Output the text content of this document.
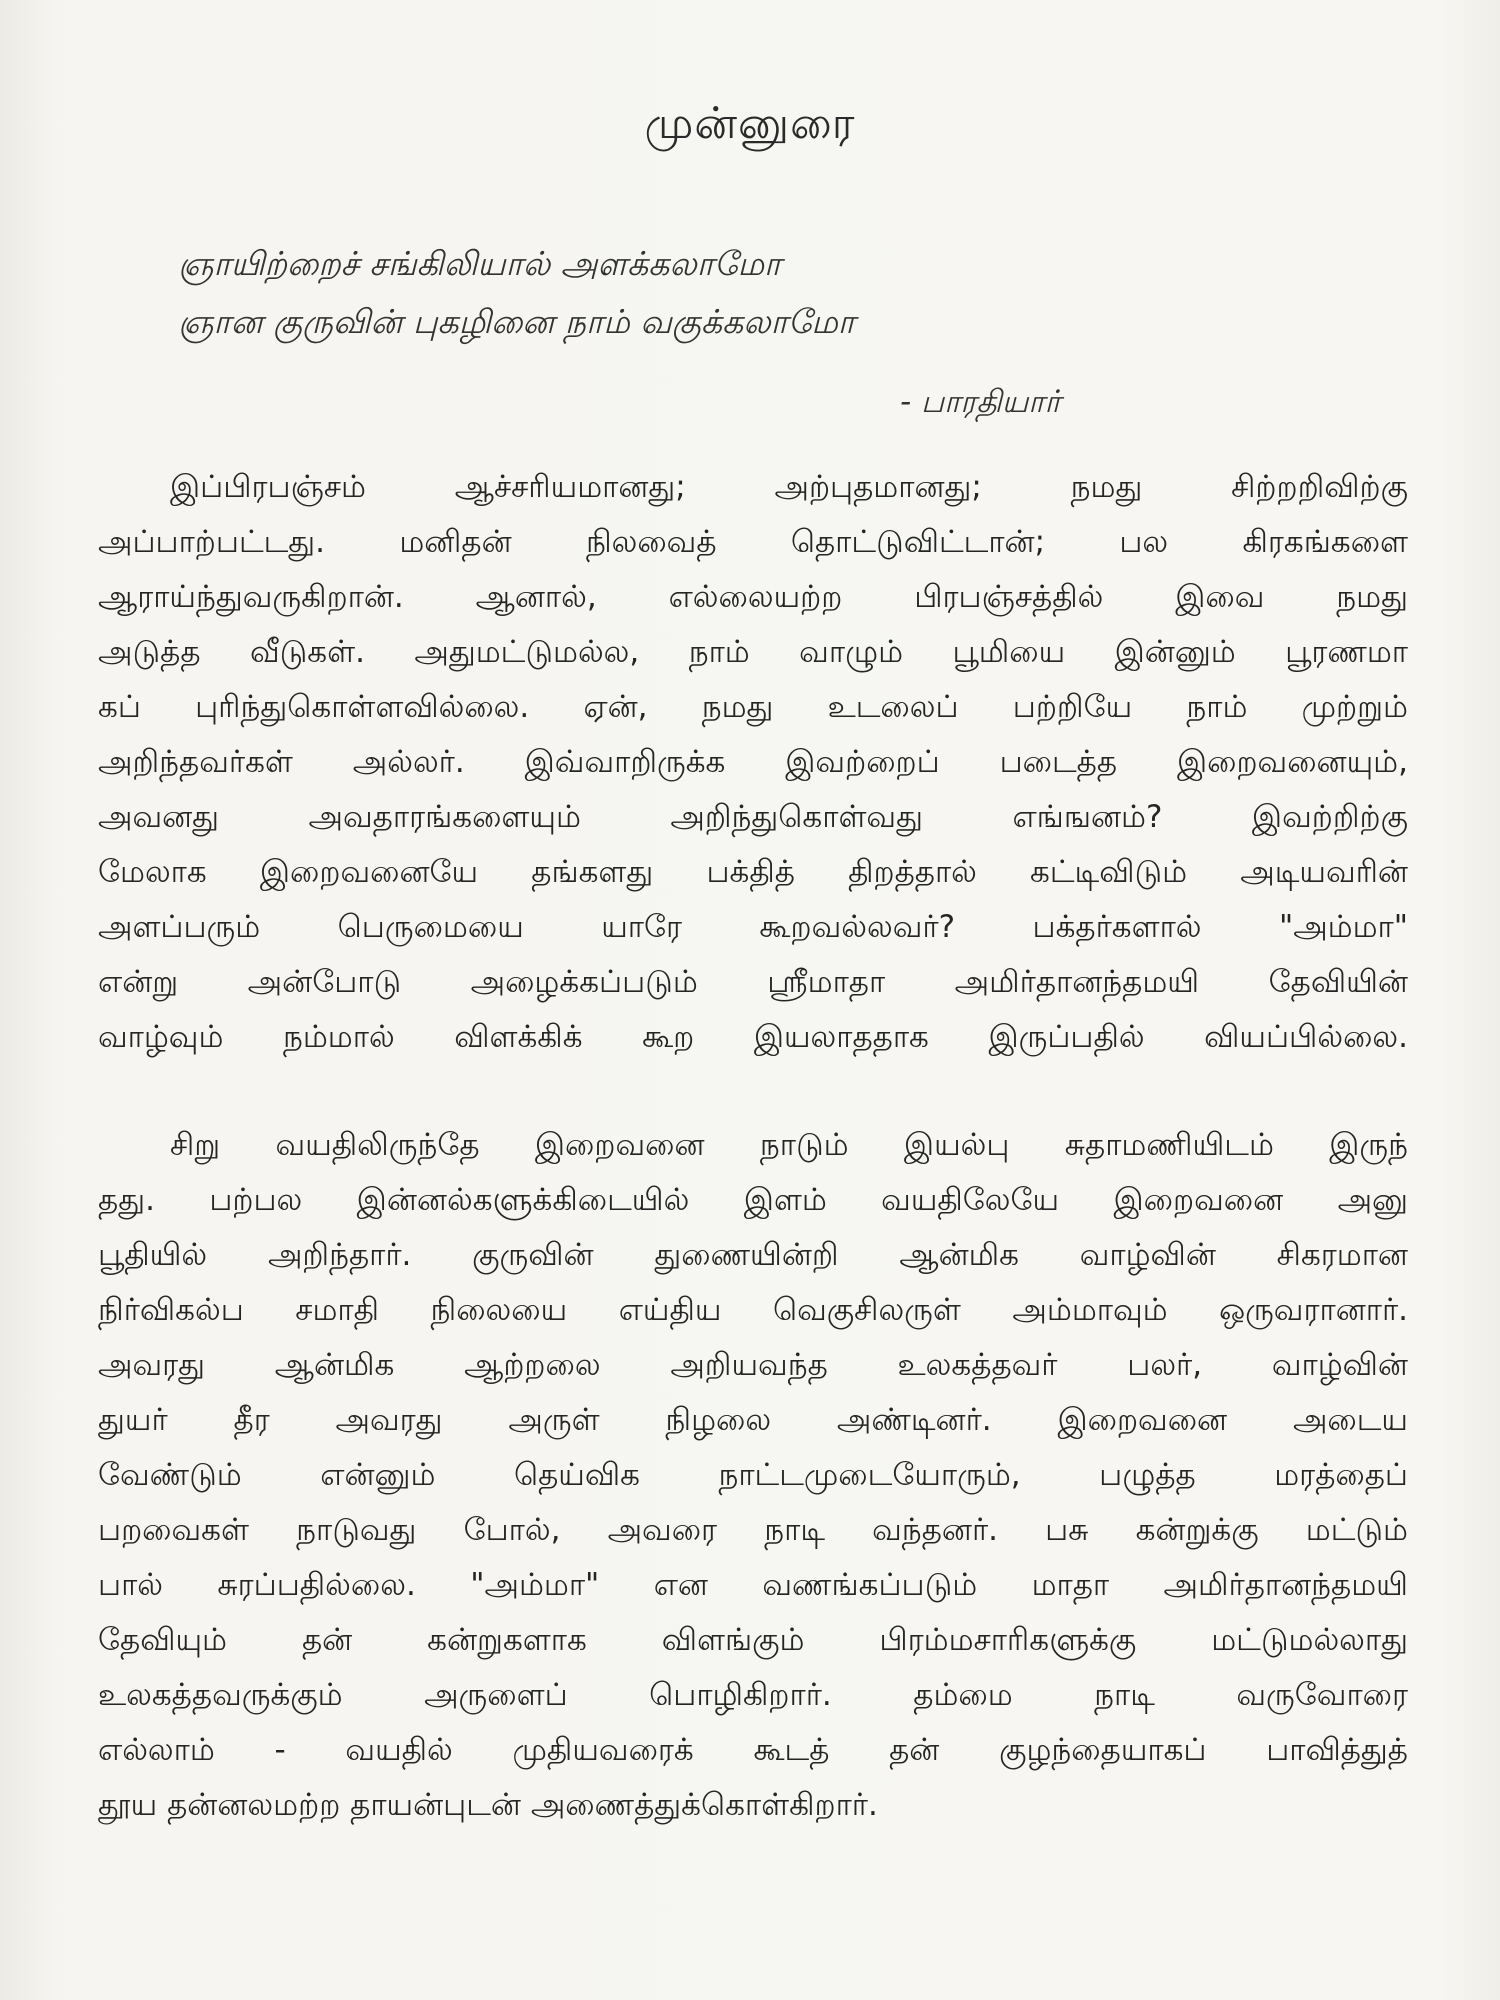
முன்னுரை
ஞாயிற்றைச் சங்கிலியால் அளக்கலாமோ
ஞான குருவின் புகழினை நாம் வகுக்கலாமோ
- பாரதியார்
இப்பிரபஞ்சம் ஆச்சரியமானது; அற்புதமானது; நமது சிற்றறிவிற்கு
அப்பாற்பட்டது. மனிதன் நிலவைத் தொட்டுவிட்டான்; பல கிரகங்களை
ஆராய்ந்துவருகிறான். ஆனால், எல்லையற்ற பிரபஞ்சத்தில் இவை நமது
அடுத்த வீடுகள். அதுமட்டுமல்ல, நாம் வாழும் பூமியை இன்னும் பூரணமா
கப் புரிந்துகொள்ளவில்லை. ஏன், நமது உடலைப் பற்றியே நாம் முற்றும்
அறிந்தவர்கள் அல்லர். இவ்வாறிருக்க இவற்றைப் படைத்த இறைவனையும்,
அவனது அவதாரங்களையும் அறிந்துகொள்வது எங்ஙனம்? இவற்றிற்கு
மேலாக இறைவனையே தங்களது பக்தித் திறத்தால் கட்டிவிடும் அடியவரின்
அளப்பரும் பெருமையை யாரே கூறவல்லவர்? பக்தர்களால் "அம்மா"
என்று அன்போடு அழைக்கப்படும் ஸ்ரீமாதா அமிர்தானந்தமயி தேவியின்
வாழ்வும் நம்மால் விளக்கிக் கூற இயலாததாக இருப்பதில் வியப்பில்லை.
சிறு வயதிலிருந்தே இறைவனை நாடும் இயல்பு சுதாமணியிடம் இருந்
தது. பற்பல இன்னல்களுக்கிடையில் இளம் வயதிலேயே இறைவனை அனு
பூதியில் அறிந்தார். குருவின் துணையின்றி ஆன்மிக வாழ்வின் சிகரமான
நிர்விகல்ப சமாதி நிலையை எய்திய வெகுசிலருள் அம்மாவும் ஒருவரானார்.
அவரது ஆன்மிக ஆற்றலை அறியவந்த உலகத்தவர் பலர், வாழ்வின்
துயர் தீர அவரது அருள் நிழலை அண்டினர். இறைவனை அடைய
வேண்டும் என்னும் தெய்விக நாட்டமுடையோரும், பழுத்த மரத்தைப்
பறவைகள் நாடுவது போல், அவரை நாடி வந்தனர். பசு கன்றுக்கு மட்டும்
பால் சுரப்பதில்லை. "அம்மா" என வணங்கப்படும் மாதா அமிர்தானந்தமயி
தேவியும் தன் கன்றுகளாக விளங்கும் பிரம்மசாரிகளுக்கு மட்டுமல்லாது
உலகத்தவருக்கும் அருளைப் பொழிகிறார். தம்மை நாடி வருவோரை
எல்லாம் - வயதில் முதியவரைக் கூடத் தன் குழந்தையாகப் பாவித்துத்
தூய தன்னலமற்ற தாயன்புடன் அணைத்துக்கொள்கிறார்.
